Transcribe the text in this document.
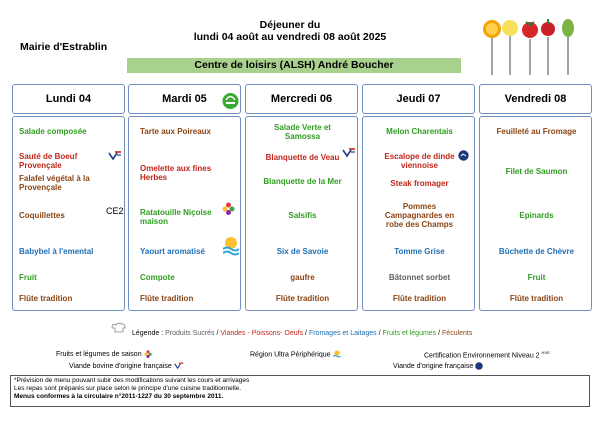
Mairie d'Estrablin
Déjeuner du
lundi 04 août au vendredi 08 août 2025
Centre de loisirs (ALSH) André Boucher
Lundi 04
Salade composée
Sauté de Boeuf
Provençale
Falafel végétal à la
Provençale
Coquillettes
Babybel à l'emental
Fruit
Flûte tradition
CE2
Mardi 05
Tarte aux Poireaux
Omelette aux fines
Herbes
Ratatouille Niçoise
maison
Yaourt aromatisé
Compote
Flûte tradition
Mercredi 06
Salade Verte et
Samossa
Blanquette de Veau
Blanquette de la Mer
Salsifis
Six de Savoie
gaufre
Flûte tradition
Jeudi 07
Melon Charentais
Escalope de dinde
viennoise
Steak fromager
Pommes
Campagnardes en
robe des Champs
Tomme Grise
Bâtonnet sorbet
Flûte tradition
Vendredi 08
Feuilleté au Fromage
Filet de Saumon
Epinards
Bûchette de Chèvre
Fruit
Flûte tradition
Légende : Produits Sucrés / Viandes - Poissons- Oeufs / Fromages et Laitages / Fruits et légumes / Féculents
Fruits et légumes de saison	Région Ultra Périphérique	Certification Environnement Niveau 2 $^{HVE}$
Viande bovine d'origine française	Viande d'origine française
*Prévision de menu pouvant subir des modifications suivant les cours et arrivages
Les repas sont préparés sur place selon le principe d'une cuisine traditionnelle.
Menus conformes à la circulaire n°2011-1227 du 30 septembre 2011.
